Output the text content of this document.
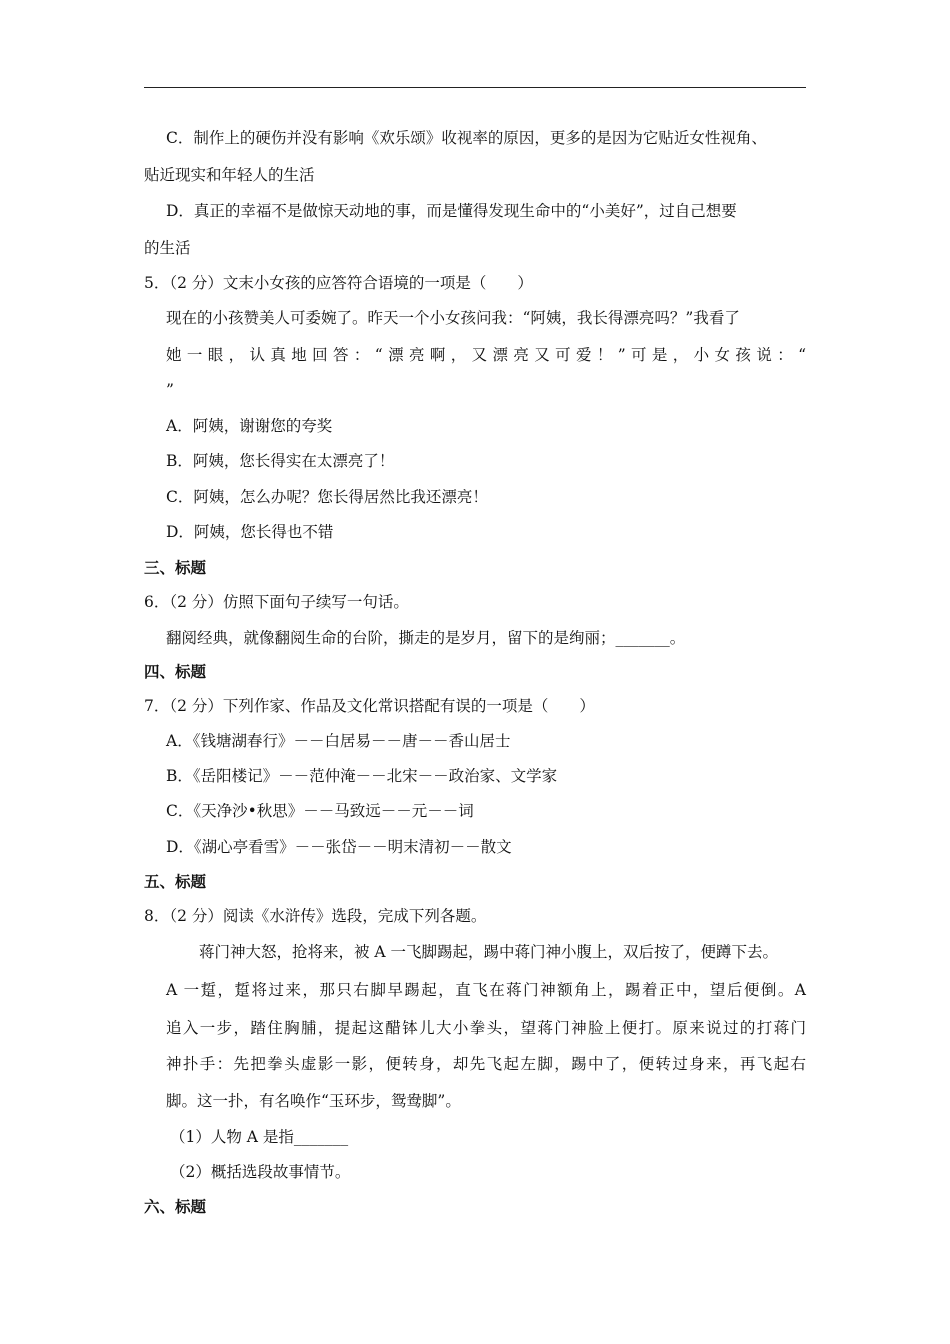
C．制作上的硬伤并没有影响《欢乐颂》收视率的原因，更多的是因为它贴近女性视角、
贴近现实和年轻人的生活
D．真正的幸福不是做惊天动地的事，而是懂得发现生命中的“小美好”，过自己想要
的生活
5．（2 分）文末小女孩的应答符合语境的一项是（　　）
现在的小孩赞美人可委婉了。昨天一个小女孩问我：“阿姨，我长得漂亮吗？”我看了
她一眼，认真地回答：“漂亮啊，又漂亮又可爱！”可是，小女孩说：“
”
A．阿姨，谢谢您的夸奖
B．阿姨，您长得实在太漂亮了！
C．阿姨，怎么办呢？您长得居然比我还漂亮！
D．阿姨，您长得也不错
三、标题
6．（2 分）仿照下面句子续写一句话。
翻阅经典，就像翻阅生命的台阶，撕走的是岁月，留下的是绚丽；_______。
四、标题
7．（2 分）下列作家、作品及文化常识搭配有误的一项是（　　）
A．《钱塘湖春行》－－白居易－－唐－－香山居士
B．《岳阳楼记》－－范仲淹－－北宋－－政治家、文学家
C．《天净沙•秋思》－－马致远－－元－－词
D．《湖心亭看雪》－－张岱－－明末清初－－散文
五、标题
8．（2 分）阅读《水浒传》选段，完成下列各题。
蒋门神大怒，抢将来，被 A 一飞脚踢起，踢中蒋门神小腹上，双后按了，便蹲下去。
A 一踅，踅将过来，那只右脚早踢起，直飞在蒋门神额角上，踢着正中，望后便倒。A
追入一步，踏住胸脯，提起这醋钵儿大小拳头，望蒋门神脸上便打。原来说过的打蒋门
神扑手：先把拳头虚影一影，便转身，却先飞起左脚，踢中了，便转过身来，再飞起右
脚。这一扑，有名唤作“玉环步，鸳鸯脚”。
（1）人物 A 是指_______
（2）概括选段故事情节。
六、标题
